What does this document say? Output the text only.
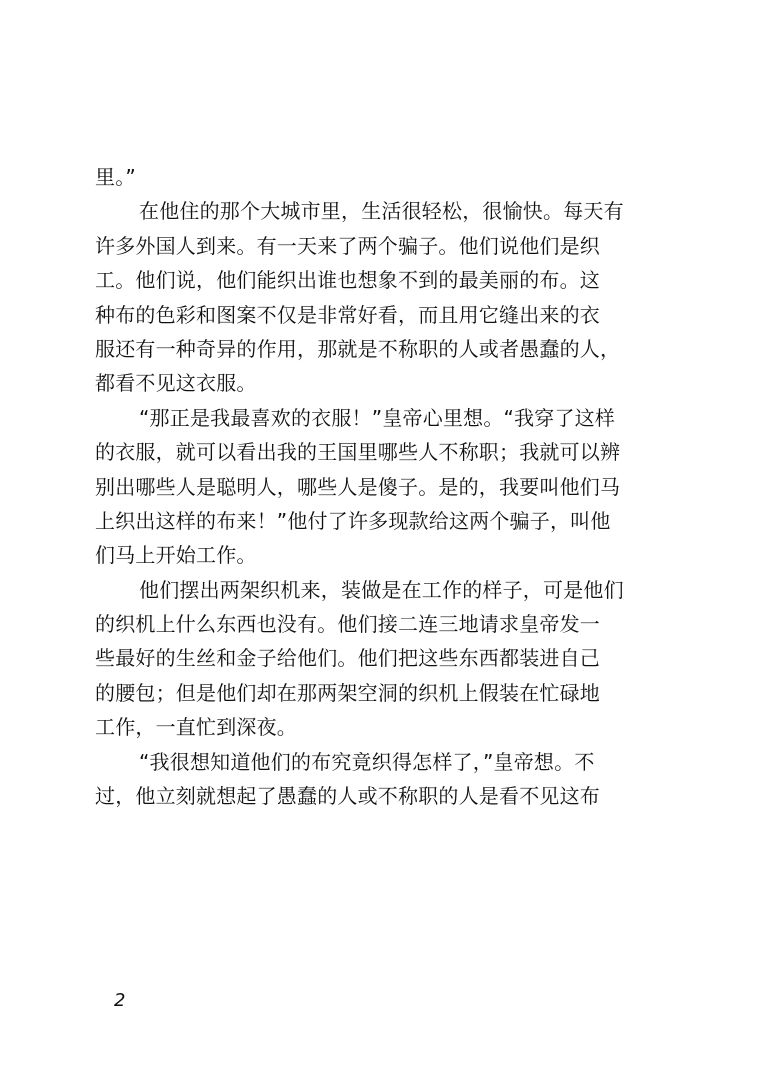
里。”
在他住的那个大城市里，生活很轻松，很愉快。每天有
许多外国人到来。有一天来了两个骗子。他们说他们是织
工。他们说，他们能织出谁也想象不到的最美丽的布。这
种布的色彩和图案不仅是非常好看，而且用它缝出来的衣
服还有一种奇异的作用，那就是不称职的人或者愚蠢的人，
都看不见这衣服。
“那正是我最喜欢的衣服！”皇帝心里想。“我穿了这样
的衣服，就可以看出我的王国里哪些人不称职；我就可以辨
别出哪些人是聪明人，哪些人是傻子。是的，我要叫他们马
上织出这样的布来！”他付了许多现款给这两个骗子，叫他
们马上开始工作。
他们摆出两架织机来，装做是在工作的样子，可是他们
的织机上什么东西也没有。他们接二连三地请求皇帝发一
些最好的生丝和金子给他们。他们把这些东西都装进自己
的腰包；但是他们却在那两架空洞的织机上假装在忙碌地
工作，一直忙到深夜。
“我很想知道他们的布究竟织得怎样了，”皇帝想。不
过，他立刻就想起了愚蠢的人或不称职的人是看不见这布
2
